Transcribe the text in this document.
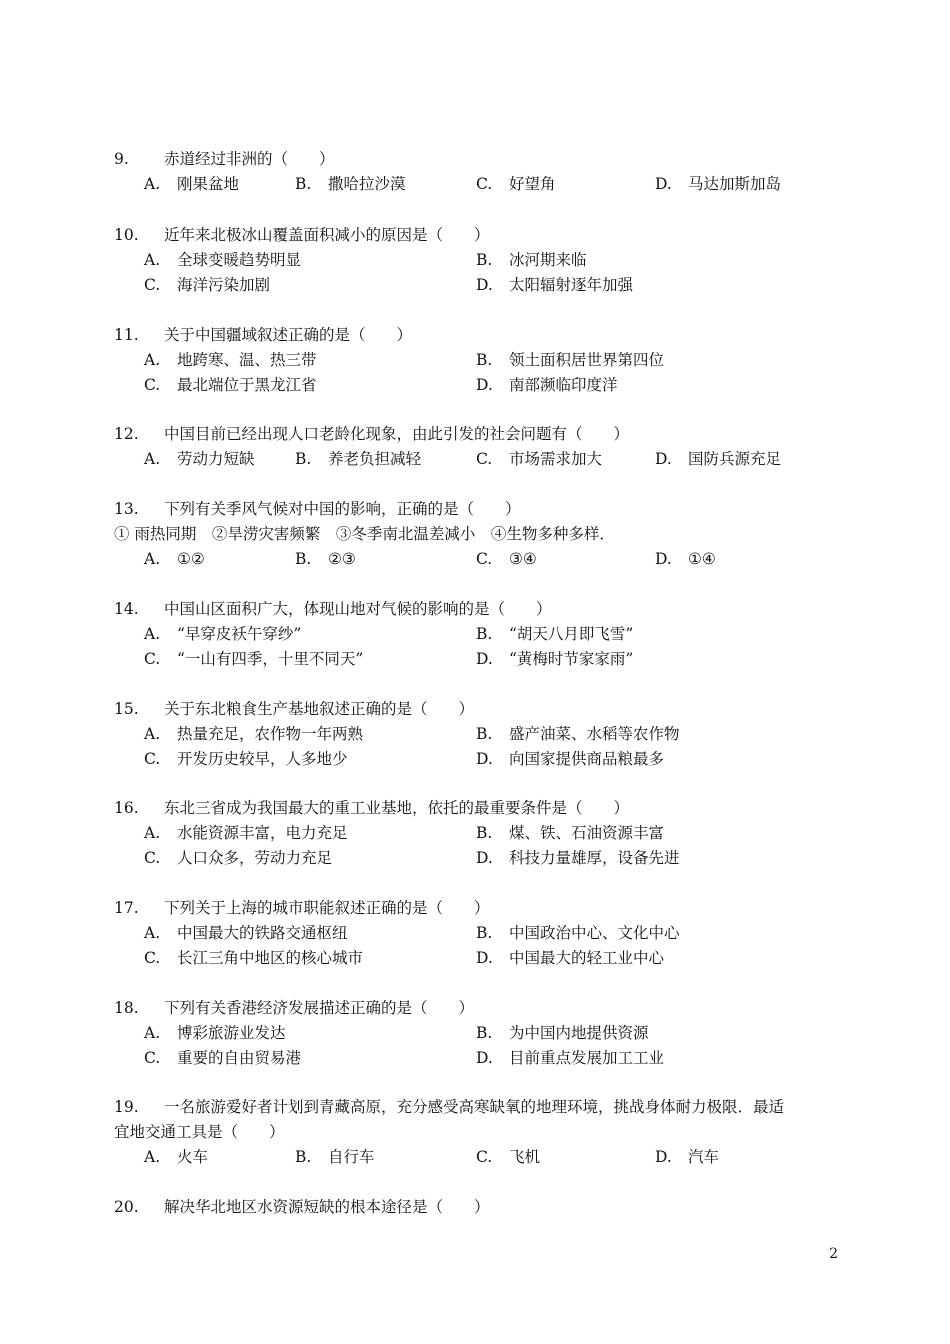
9. 赤道经过非洲的（　　）
A. 刚果盆地	B. 撒哈拉沙漠	C. 好望角	D. 马达加斯加岛
10. 近年来北极冰山覆盖面积减小的原因是（　　）
A. 全球变暖趋势明显	B. 冰河期来临
C. 海洋污染加剧	D. 太阳辐射逐年加强
11. 关于中国疆域叙述正确的是（　　）
A. 地跨寒、温、热三带	B. 领土面积居世界第四位
C. 最北端位于黑龙江省	D. 南部濒临印度洋
12. 中国目前已经出现人口老龄化现象，由此引发的社会问题有（　　）
A. 劳动力短缺	B. 养老负担减轻	C. 市场需求加大	D. 国防兵源充足
13. 下列有关季风气候对中国的影响，正确的是（　　）
① 雨热同期　②旱涝灾害频繁　③冬季南北温差减小　④生物多种多样．
A. ①②	B. ②③	C. ③④	D. ①④
14. 中国山区面积广大，体现山地对气候的影响的是（　　）
A. “早穿皮袄午穿纱”	B. “胡天八月即飞雪”
C. “一山有四季，十里不同天”	D. “黄梅时节家家雨”
15. 关于东北粮食生产基地叙述正确的是（　　）
A. 热量充足，农作物一年两熟	B. 盛产油菜、水稻等农作物
C. 开发历史较早，人多地少	D. 向国家提供商品粮最多
16. 东北三省成为我国最大的重工业基地，依托的最重要条件是（　　）
A. 水能资源丰富，电力充足	B. 煤、铁、石油资源丰富
C. 人口众多，劳动力充足	D. 科技力量雄厚，设备先进
17. 下列关于上海的城市职能叙述正确的是（　　）
A. 中国最大的铁路交通枢纽	B. 中国政治中心、文化中心
C. 长江三角中地区的核心城市	D. 中国最大的轻工业中心
18. 下列有关香港经济发展描述正确的是（　　）
A. 博彩旅游业发达	B. 为中国内地提供资源
C. 重要的自由贸易港	D. 目前重点发展加工工业
19. 一名旅游爱好者计划到青藏高原，充分感受高寒缺氧的地理环境，挑战身体耐力极限．最适
宜地交通工具是（　　）
A. 火车	B. 自行车	C. 飞机	D. 汽车
20. 解决华北地区水资源短缺的根本途径是（　　）
2
